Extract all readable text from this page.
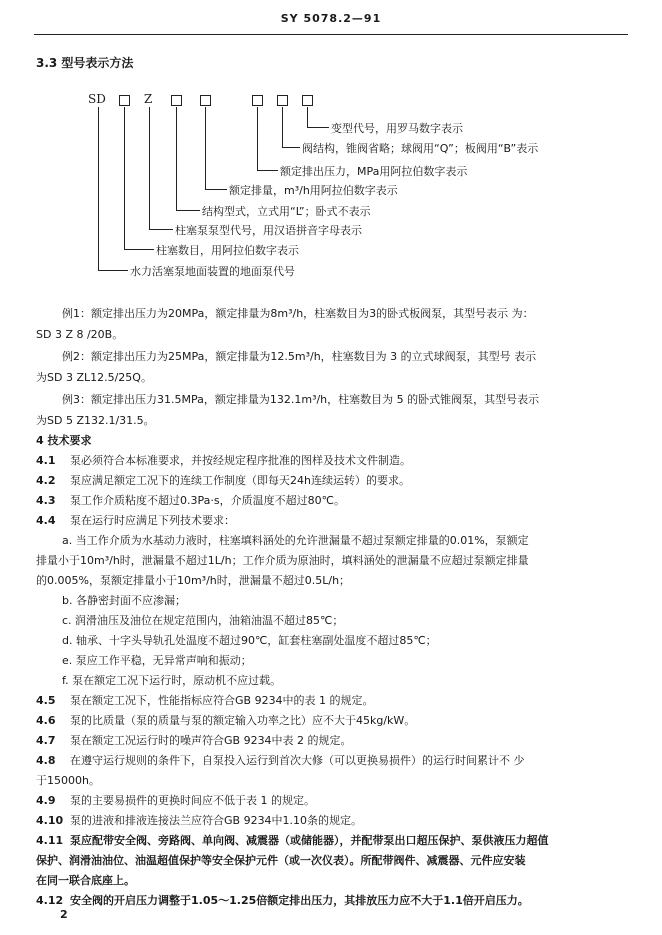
SY 5078.2—91
3.3 型号表示方法
SD	Z
变型代号，用罗马数字表示
阀结构，锥阀省略；球阀用“Q”；板阀用“B”表示
额定排出压力，MPa用阿拉伯数字表示
额定排量，m³/h用阿拉伯数字表示
结构型式，立式用“L”；卧式不表示
柱塞泵泵型代号，用汉语拼音字母表示
柱塞数目，用阿拉伯数字表示
水力活塞泵地面装置的地面泵代号
例1：额定排出压力为20MPa，额定排量为8m³/h，柱塞数目为3的卧式板阀泵，其型号表示 为：
SD 3 Z 8 /20B。
例2：额定排出压力为25MPa，额定排量为12.5m³/h，柱塞数目为 3 的立式球阀泵，其型号 表示
为SD 3 ZL12.5/25Q。
例3：额定排出压力31.5MPa，额定排量为132.1m³/h，柱塞数目为 5 的卧式锥阀泵，其型号表示
为SD 5 Z132.1/31.5。
4 技术要求
4.1 泵必须符合本标准要求，并按经规定程序批准的图样及技术文件制造。
4.2 泵应满足额定工况下的连续工作制度（即每天24h连续运转）的要求。
4.3 泵工作介质粘度不超过0.3Pa·s，介质温度不超过80℃。
4.4 泵在运行时应满足下列技术要求：
a. 当工作介质为水基动力液时，柱塞填料涵处的允许泄漏量不超过泵额定排量的0.01%，泵额定
排量小于10m³/h时，泄漏量不超过1L/h；工作介质为原油时，填料涵处的泄漏量不应超过泵额定排量
的0.005%，泵额定排量小于10m³/h时，泄漏量不超过0.5L/h；
b. 各静密封面不应渗漏；
c. 润滑油压及油位在规定范围内，油箱油温不超过85℃；
d. 轴承、十字头导轨孔处温度不超过90℃，缸套柱塞副处温度不超过85℃；
e. 泵应工作平稳，无异常声响和振动；
f. 泵在额定工况下运行时，原动机不应过载。
4.5 泵在额定工况下，性能指标应符合GB 9234中的表 1 的规定。
4.6 泵的比质量（泵的质量与泵的额定输入功率之比）应不大于45kg/kW。
4.7 泵在额定工况运行时的噪声符合GB 9234中表 2 的规定。
4.8 在遵守运行规则的条件下，自泵投入运行到首次大修（可以更换易损件）的运行时间累计不 少
于15000h。
4.9 泵的主要易损件的更换时间应不低于表 1 的规定。
4.10 泵的进液和排液连接法兰应符合GB 9234中1.10条的规定。
4.11 泵应配带安全阀、旁路阀、单向阀、减震器（或储能器），并配带泵出口超压保护、泵供液压力超值
保护、润滑油油位、油温超值保护等安全保护元件（或一次仪表）。所配带阀件、减震器、元件应安装
在同一联合底座上。
4.12 安全阀的开启压力调整于1.05～1.25倍额定排出压力，其排放压力应不大于1.1倍开启压力。
2
